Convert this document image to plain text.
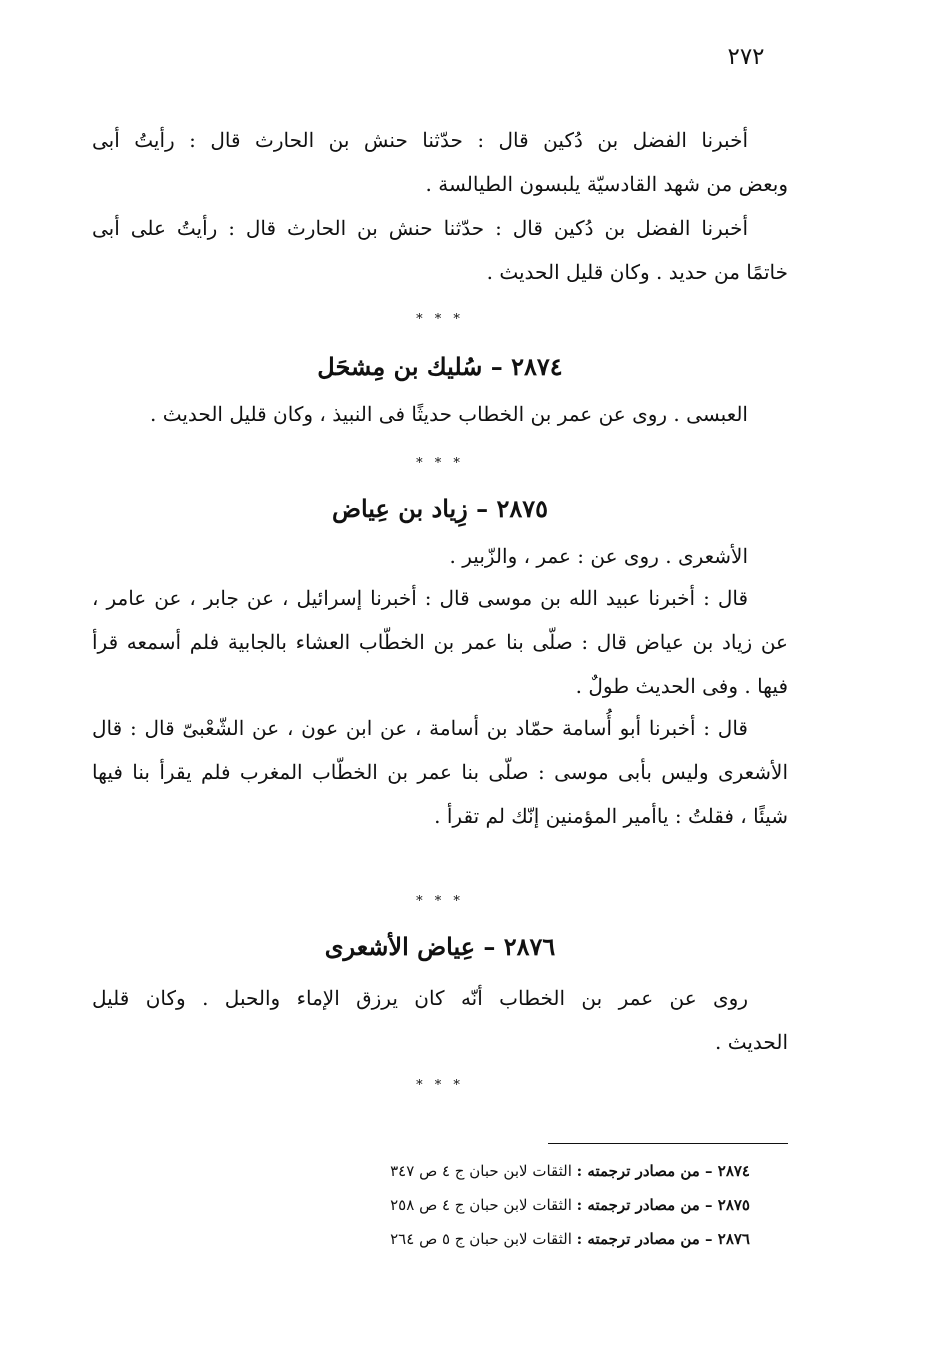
٢٧٢
أخبرنا الفضل بن دُكين قال : حدّثنا حنش بن الحارث قال : رأيتُ أبى
وبعض من شهد القادسيّة يلبسون الطيالسة .
أخبرنا الفضل بن دُكين قال : حدّثنا حنش بن الحارث قال : رأيتُ على أبى
خاتمًا من حديد . وكان قليل الحديث .
* * *
٢٨٧٤ – سُليك بن مِشحَل
العبسى . روى عن عمر بن الخطاب حديثًا فى النبيذ ، وكان قليل الحديث .
* * *
٢٨٧٥ – زِياد بن عِياض
الأشعرى . روى عن : عمر ، والزّبير .
قال : أخبرنا عبيد الله بن موسى قال : أخبرنا إسرائيل ، عن جابر ، عن عامر ،
عن زياد بن عياض قال : صلّى بنا عمر بن الخطّاب العشاء بالجابية فلم أسمعه قرأ
فيها . وفى الحديث طولٌ .
قال : أخبرنا أبو أُسامة حمّاد بن أسامة ، عن ابن عون ، عن الشّعْبىّ قال : قال
الأشعرى وليس بأبى موسى : صلّى بنا عمر بن الخطّاب المغرب فلم يقرأ بنا فيها
شيئًا ، فقلتُ : ياأمير المؤمنين إنّك لم تقرأ .
* * *
٢٨٧٦ – عِياض الأشعرى
روى عن عمر بن الخطاب أنّه كان يرزق الإماء والحبل . وكان قليل
الحديث .
* * *
٢٨٧٤ – من مصادر ترجمته : الثقات لابن حبان ج ٤ ص ٣٤٧
٢٨٧٥ – من مصادر ترجمته : الثقات لابن حبان ج ٤ ص ٢٥٨
٢٨٧٦ – من مصادر ترجمته : الثقات لابن حبان ج ٥ ص ٢٦٤
